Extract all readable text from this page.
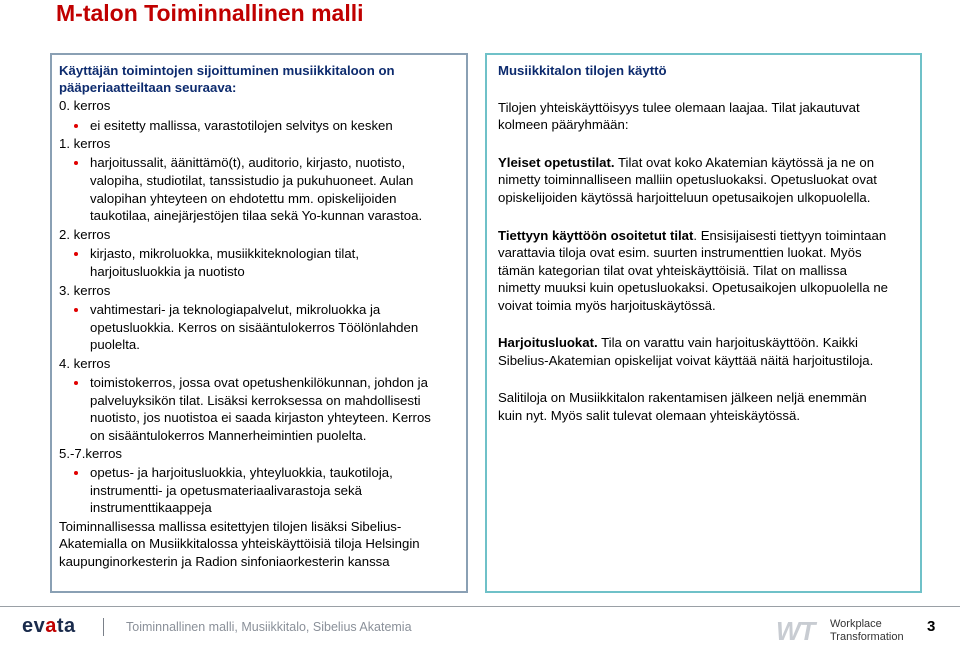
M-talon Toiminnallinen malli
Käyttäjän toimintojen sijoittuminen musiikkitaloon on
pääperiaatteiltaan seuraava:
0. kerros
ei esitetty mallissa, varastotilojen selvitys on kesken
1. kerros
harjoitussalit, äänittämö(t), auditorio, kirjasto, nuotisto,
valopiha, studiotilat, tanssistudio ja pukuhuoneet. Aulan
valopihan yhteyteen on ehdotettu mm. opiskelijoiden
taukotilaa, ainejärjestöjen tilaa sekä Yo-kunnan varastoa.
2. kerros
kirjasto, mikroluokka, musiikkiteknologian tilat,
harjoitusluokkia ja nuotisto
3. kerros
vahtimestari- ja teknologiapalvelut, mikroluokka ja
opetusluokkia. Kerros on sisääntulokerros Töölönlahden
puolelta.
4. kerros
toimistokerros, jossa ovat opetushenkilökunnan, johdon ja
palveluyksikön tilat. Lisäksi kerroksessa on mahdollisesti
nuotisto, jos nuotistoa ei saada kirjaston yhteyteen. Kerros
on sisääntulokerros Mannerheimintien puolelta.
5.-7.kerros
opetus- ja harjoitusluokkia, yhteyluokkia, taukotiloja,
instrumentti- ja opetusmateriaalivarastoja sekä
instrumenttikaappeja
Toiminnallisessa mallissa esitettyjen tilojen lisäksi Sibelius-
Akatemialla on Musiikkitalossa yhteiskäyttöisiä tiloja Helsingin
kaupunginorkesterin ja Radion sinfoniaorkesterin kanssa
Musiikkitalon tilojen käyttö
Tilojen yhteiskäyttöisyys tulee olemaan laajaa. Tilat jakautuvat
kolmeen pääryhmään:
Yleiset opetustilat. Tilat ovat koko Akatemian käytössä ja ne on
nimetty toiminnalliseen malliin opetusluokaksi. Opetusluokat ovat
opiskelijoiden käytössä harjoitteluun opetusaikojen ulkopuolella.
Tiettyyn käyttöön osoitetut tilat. Ensisijaisesti tiettyyn toimintaan
varattavia tiloja ovat esim. suurten instrumenttien luokat. Myös
tämän kategorian tilat ovat yhteiskäyttöisiä. Tilat on mallissa
nimetty muuksi kuin opetusluokaksi. Opetusaikojen ulkopuolella ne
voivat toimia myös harjoituskäytössä.
Harjoitusluokat. Tila on varattu vain harjoituskäyttöön. Kaikki
Sibelius-Akatemian opiskelijat voivat käyttää näitä harjoitustiloja.
Salitiloja on Musiikkitalon rakentamisen jälkeen neljä enemmän
kuin nyt. Myös salit tulevat olemaan yhteiskäytössä.
evata	Toiminnallinen malli, Musiikkitalo, Sibelius Akatemia	WT Workplace
Transformation
3
